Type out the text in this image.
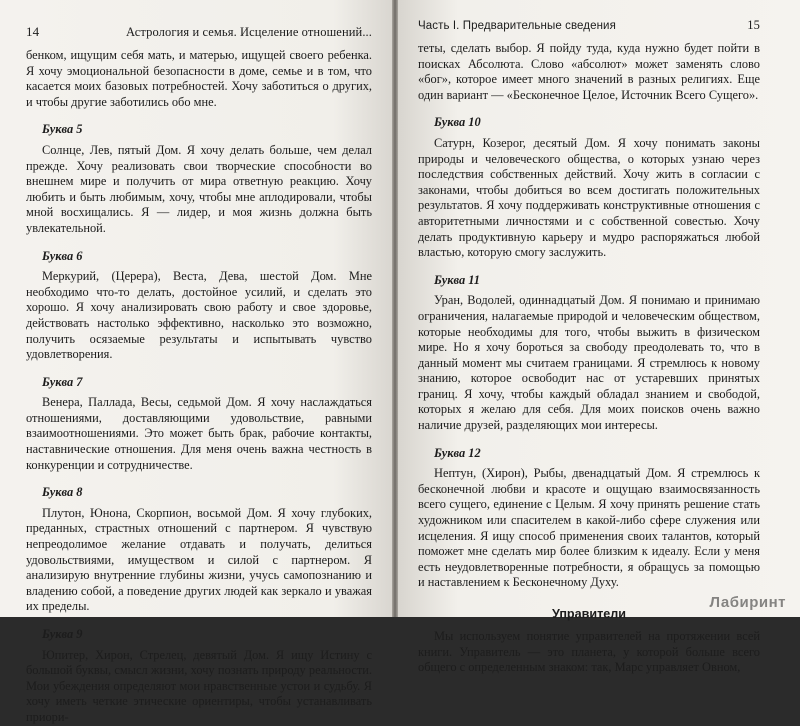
14	Астрология и семья. Исцеление отношений...

бенком, ищущим себя мать, и матерью, ищущей своего ребенка. Я хочу эмоциональной безопасности в доме, семье и в том, что касается моих базовых потребностей. Хочу заботиться о других, и чтобы другие заботились обо мне.

Буква 5

Солнце, Лев, пятый Дом. Я хочу делать больше, чем делал прежде. Хочу реализовать свои творческие способности во внешнем мире и получить от мира ответную реакцию. Хочу любить и быть любимым, хочу, чтобы мне аплодировали, чтобы мной восхищались. Я — лидер, и моя жизнь должна быть увлекательной.

Буква 6

Меркурий, (Церера), Веста, Дева, шестой Дом. Мне необходимо что-то делать, достойное усилий, и сделать это хорошо. Я хочу анализировать свою работу и свое здоровье, действовать настолько эффективно, насколько это возможно, получить осязаемые результаты и испытывать чувство удовлетворения.

Буква 7

Венера, Паллада, Весы, седьмой Дом. Я хочу наслаждаться отношениями, доставляющими удовольствие, равными взаимоотношениями. Это может быть брак, рабочие контакты, наставнические отношения. Для меня очень важна честность в конкуренции и сотрудничестве.

Буква 8

Плутон, Юнона, Скорпион, восьмой Дом. Я хочу глубоких, преданных, страстных отношений с партнером. Я чувствую непреодолимое желание отдавать и получать, делиться удовольствиями, имуществом и силой с партнером. Я анализирую внутренние глубины жизни, учусь самопознанию и владению собой, а поведение других людей как зеркало и уважая их пределы.

Буква 9

Юпитер, Хирон, Стрелец, девятый Дом. Я ищу Истину с большой буквы, смысл жизни, хочу познать природу реальности. Мои убеждения определяют мои нравственные устои и судьбу. Я хочу иметь четкие этические ориентиры, чтобы устанавливать приори-

Часть I. Предварительные сведения	15

теты, сделать выбор. Я пойду туда, куда нужно будет пойти в поисках Абсолюта. Слово «абсолют» может заменять слово «бог», которое имеет много значений в разных религиях. Еще один вариант — «Бесконечное Целое, Источник Всего Сущего».

Буква 10

Сатурн, Козерог, десятый Дом. Я хочу понимать законы природы и человеческого общества, о которых узнаю через последствия собственных действий. Хочу жить в согласии с законами, чтобы добиться во всем достигать положительных результатов. Я хочу поддерживать конструктивные отношения с авторитетными личностями и с собственной совестью. Хочу делать продуктивную карьеру и мудро распоряжаться любой властью, которую смогу заслужить.

Буква 11

Уран, Водолей, одиннадцатый Дом. Я понимаю и принимаю ограничения, налагаемые природой и человеческим обществом, которые необходимы для того, чтобы выжить в физическом мире. Но я хочу бороться за свободу преодолевать то, что в данный момент мы считаем границами. Я стремлюсь к новому знанию, которое освободит нас от устаревших принятых границ. Я хочу, чтобы каждый обладал знанием и свободой, которых я желаю для себя. Для моих поисков очень важно наличие друзей, разделяющих мои интересы.

Буква 12

Нептун, (Хирон), Рыбы, двенадцатый Дом. Я стремлюсь к бесконечной любви и красоте и ощущаю взаимосвязанность всего сущего, единение с Целым. Я хочу принять решение стать художником или спасителем в какой-либо сфере служения или исцеления. Я ищу способ применения своих талантов, который поможет мне сделать мир более близким к идеалу. Если у меня есть неудовлетворенные потребности, я обращусь за помощью и наставлением к Бесконечному Духу.

Управители

Мы используем понятие управителей на протяжении всей книги. Управитель — это планета, у которой больше всего общего с определенным знаком: так, Марс управляет Овном,

Лабиринт
